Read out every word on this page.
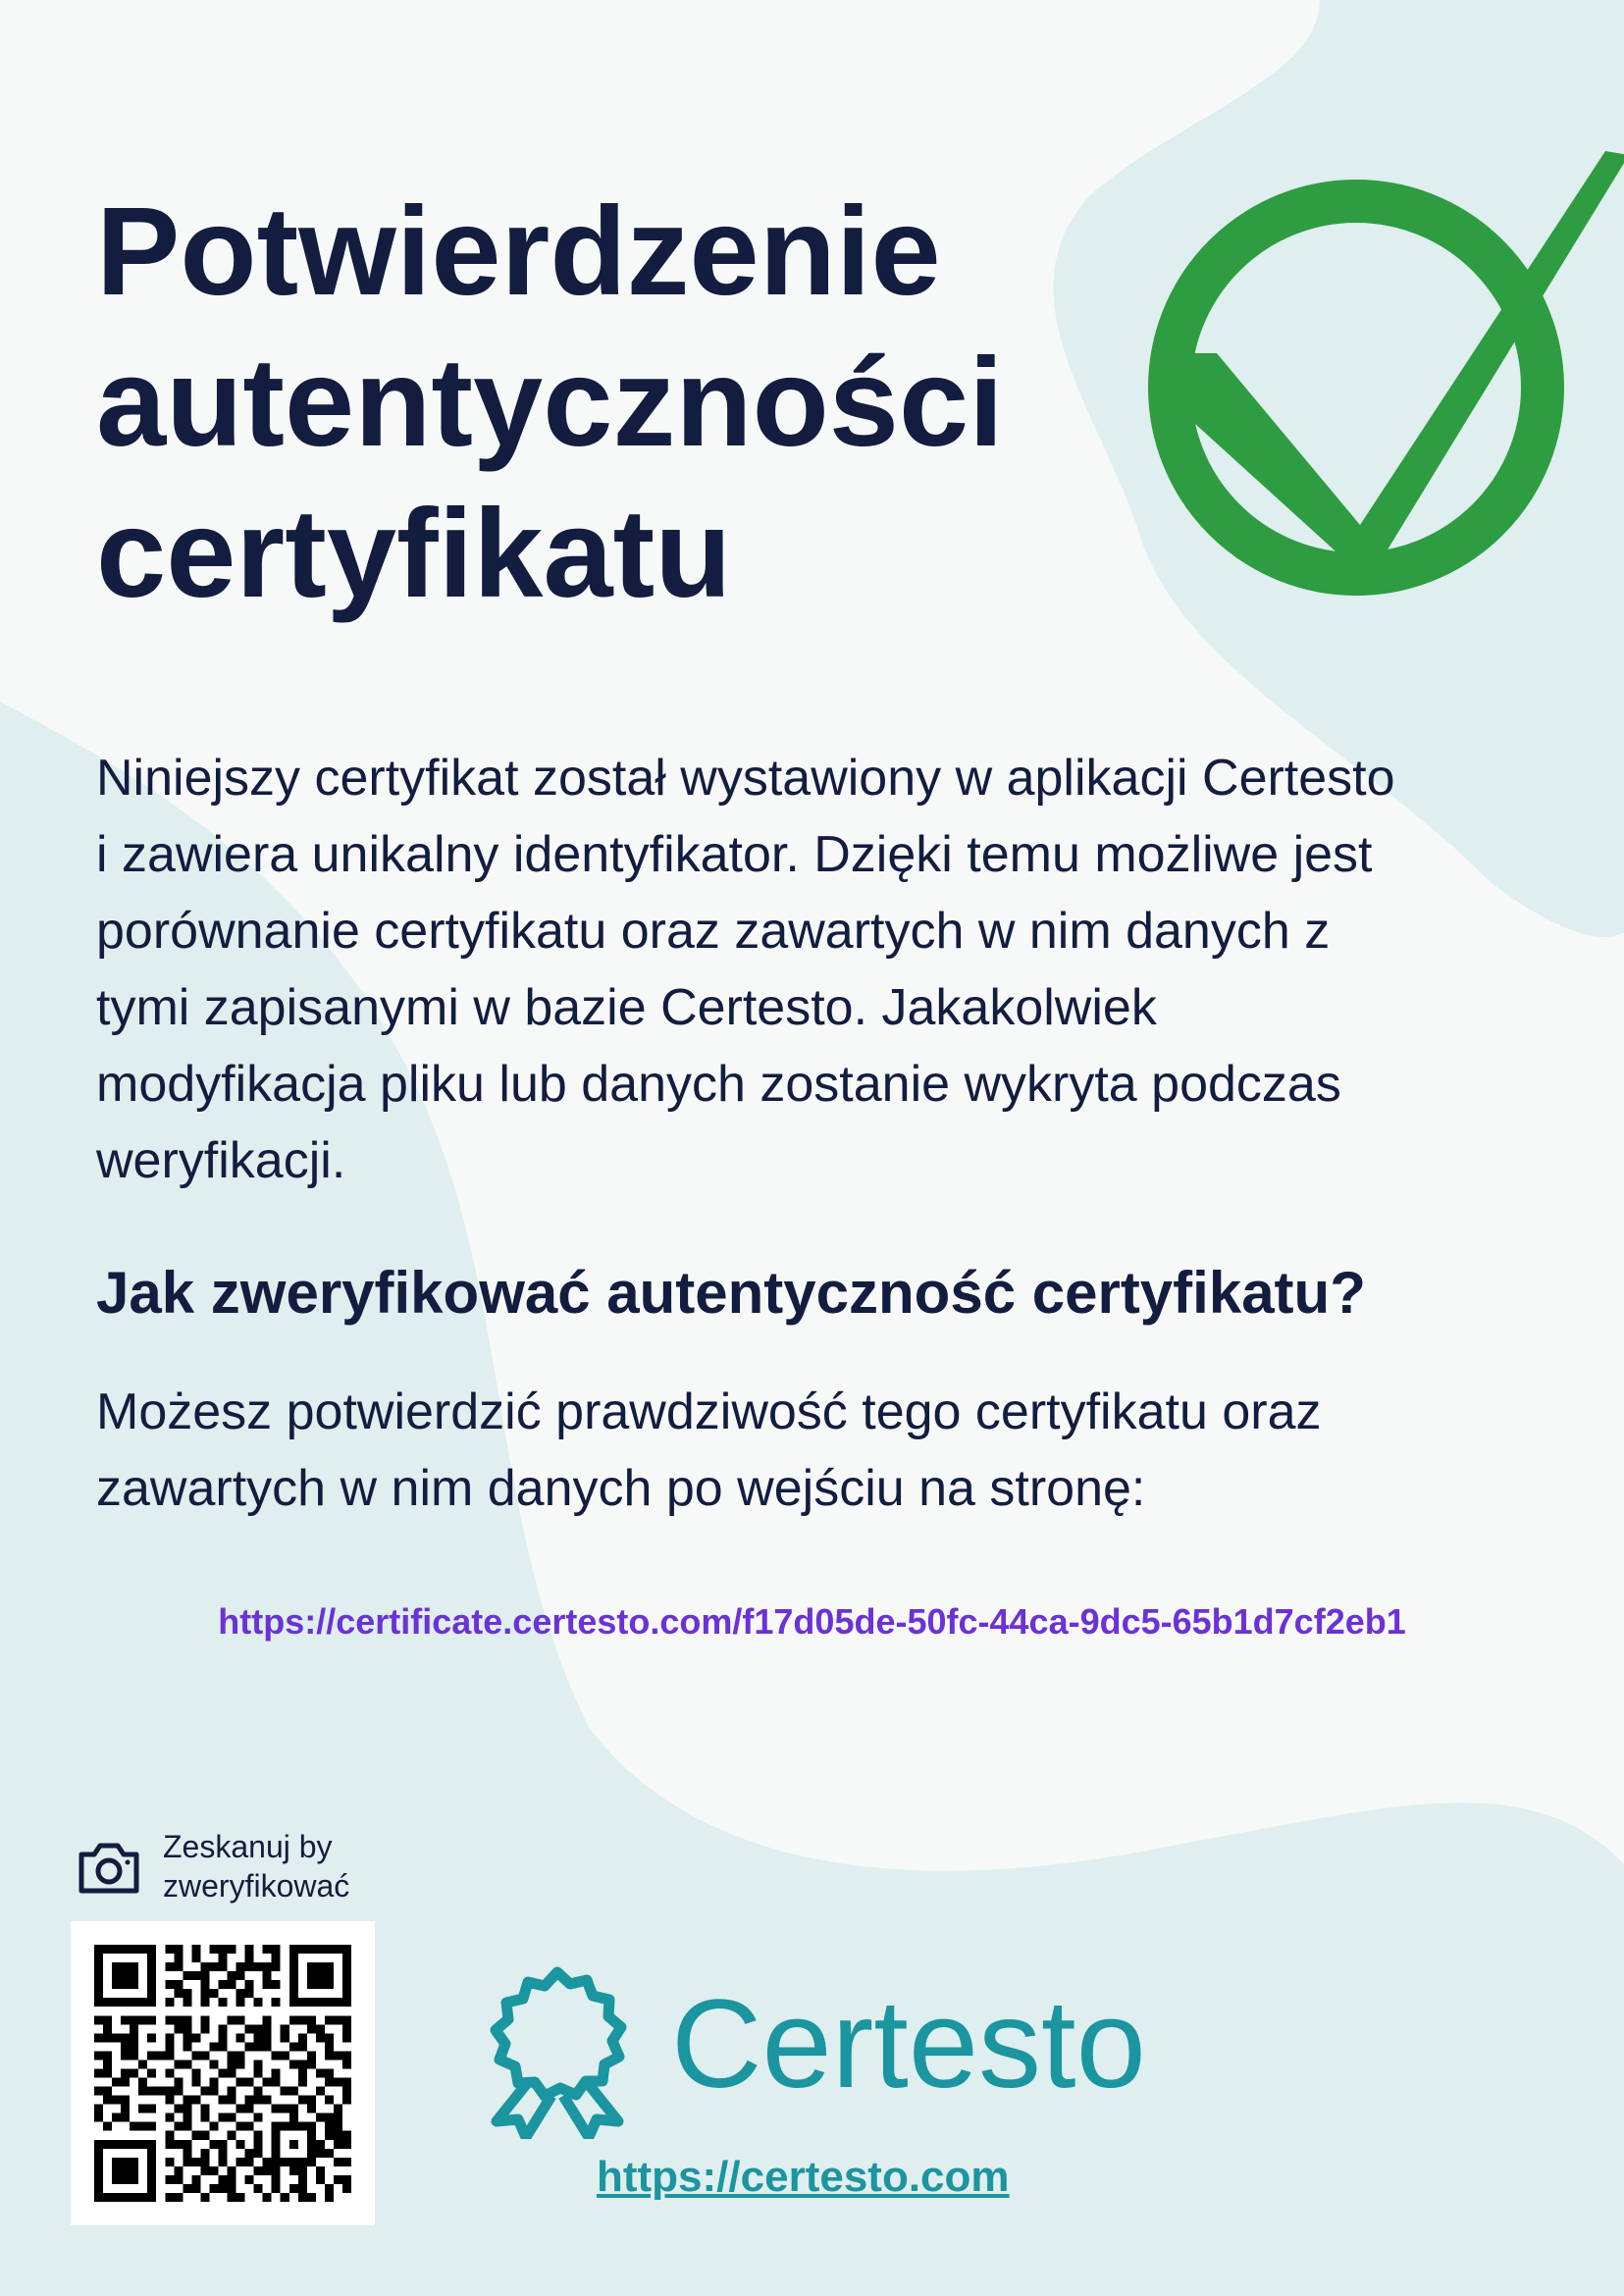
Potwierdzenie
autentyczności
certyfikatu
Niniejszy certyfikat został wystawiony w aplikacji Certesto
i zawiera unikalny identyfikator. Dzięki temu możliwe jest
porównanie certyfikatu oraz zawartych w nim danych z
tymi zapisanymi w bazie Certesto. Jakakolwiek
modyfikacja pliku lub danych zostanie wykryta podczas
weryfikacji.
Jak zweryfikować autentyczność certyfikatu?
Możesz potwierdzić prawdziwość tego certyfikatu oraz
zawartych w nim danych po wejściu na stronę:
https://certificate.certesto.com/f17d05de-50fc-44ca-9dc5-65b1d7cf2eb1
Zeskanuj by
zweryfikować
Certesto
https://certesto.com
